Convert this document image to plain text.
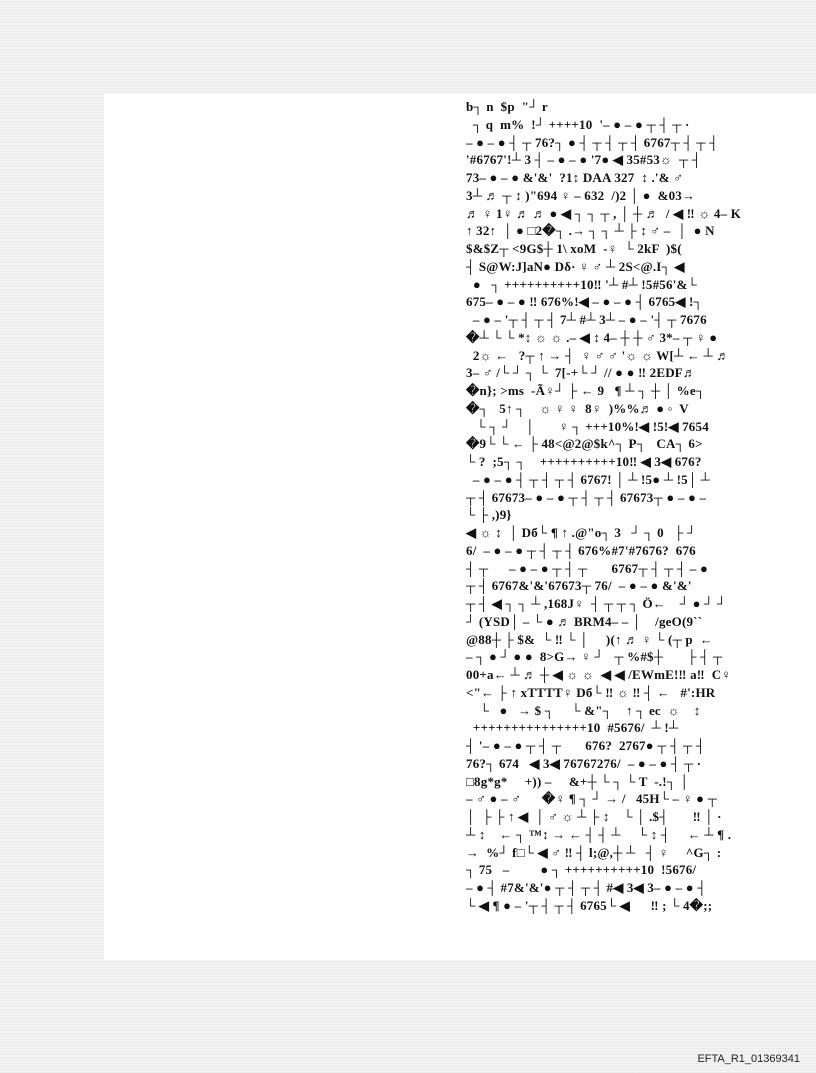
b┐ n  $p  "┘ r
┐ q  m%  !┘ ++++10  '– ● – ● ┬ ┤ ┬ ·
– ● – ● ┤ ┬ 76?┐ ● ┤ ┬ ┤ ┬ ┤ 6767┬ ┤ ┬ ┤
'#6767'!┴ 3 ┤ – ● – ● '7● ◀ 35#53☼  ┬ ┤
73– ● – ● &'&'  ?1↕ DAA 327  ↕ .'& ♂
3┴ ♬ ┬ ↕ )"694 ♀ – 632  /)2 │ ●  &03→
♬ ♀ 1♀ ♬ ♬ ● ◀ ┐ ┐ ┬ , │ ┼ ♬  / ◀ ‼ ☼ 4– K
↑ 32↑  │ ● □2�┐ .→ ┐ ┐ ┴ ├ ↕ ♂ –  │  ● N
$&$Z┬ <9G$┼ 1\ xoM  -♀  └ 2kF  )$(
┤ S@W:J]aN● Dδ· ♀ ♂ ┴ 2S<@.I┐ ◀
●   ┐ ++++++++++10‼ '┴ #┴ !5#56'&└
675– ● – ● ‼ 676%!◀ – ● – ● ┤ 6765◀ !┐
– ● – '┬ ┤ ┬ ┤ 7┴ #┴ 3┴ – ● – '┤ ┬ 7676
�┴ └ └ *↕ ☼ ☼ .– ◀ ↕ 4– ┼ ┼ ♂ 3*– ┬ ♀ ●
2☼ ←   ?┬ ↑ → ┤  ♀ ♂ ♂ '☼ ☼ W[┴ ← ┴ ♬
3– ♂ /└ ┘ ┐ └  7[-+└ ┘ // ● ● ‼ 2EDF♬
�n}; >ms  -Ã♀┘ ├ ← 9   ¶ ┴ ┐ ┼ │ %e┐
�┐   5↑ ┐    ☼ ♀ ♀  8♀  )%%♬ ● ◦  V
└ ┐ ┘    │       ♀ ┐ +++10%!◀ !5!◀ 7654
�9└ └ ← ├ 48<@2@$k^┐ P┐   CA┐ 6>
└ ?  ;5┐ ┐    ++++++++++10‼ ◀ 3◀ 676?
– ● – ● ┤ ┬ ┤ ┬ ┤ 6767! │ ┴ !5● ┴ !5│ ┴
┬ ┤ 67673– ● – ● ┬ ┤ ┬ ┤ 67673┬ ● – ● –
└ ├ ,)9}
◀ ☼ ↕  │ Dб└ ¶ ↑ .@"o┐ 3   ┘ ┐ 0   ├ ┘
6/  – ● – ● ┬ ┤ ┬ ┤ 676%#7'#7676?  676
┤ ┬      – ● – ● ┬ ┤ ┬       6767┬ ┤ ┬ ┤ – ●
┬ ┤ 6767&'&'67673┬ 76/  – ● – ● &'&'
┬ ┤ ◀ ┐ ┐ ┴ ,168J♀  ┤ ┬ ┬ ┐ Ö←    ┘ ● ┘ ┘
┘ (YSD│ – └ ● ♬ BRM4– – │    /geO(9``
@88┼ ├ $&  └ ‼ └ │     )(↑ ♬ ♀ └ (┬ p  ←
– ┐ ● ┘ ● ●  8>G→ ♀ ┘   ┬ %#$┼       ├ ┤ ┬
00+a← ┴ ♬ ┼ ◀ ☼ ☼  ◀ ◀ /EWmE!‼ a‼  C♀
<"← ├ ↑ xTTTT♀ Dб└ ‼ ☼ ‼ ┤ ←   #':HR
└   ●   → $ ┐     └ &"┐    ↑ ┐ ec  ☼    ↕
+++++++++++++++10  #5676/  ┴ !┴
┤ '– ● – ● ┬ ┤ ┬       676?  2767● ┬ ┤ ┬ ┤
76?┐ 674   ◀ 3◀ 76767276/  – ● – ● ┤ ┬ ·
□8g*g*     +)) –     &+┼ └ ┐ └ T  -.!┐ │
– ♂ ● – ♂      �♀ ¶ ┐ ┘ → /   45H└ – ♀ ● ┬
│  ├ ├ ↑ ◀  │ ♂ ☼ ┴ ├ ↕    └ │ .$┤       ‼ │ ·
┴ ↕    ← ┐ ™↕ → ← ┤ ┤ ┴     └ ↕ ┤     ← ┴ ¶ .
→  %┘ f□└ ◀ ♂ ‼ ┤ l;@,┼ ┴   ┤ ♀     ^G┐ :
┐ 75   –         ● ┐ ++++++++++10  !5676/
– ● ┤ #7&'&'● ┬ ┤ ┬ ┤ #◀ 3◀ 3– ● – ● ┤
└ ◀ ¶ ● – '┬ ┤ ┬ ┤ 6765└ ◀      ‼ ; └ 4�;;
EFTA_R1_01369341
